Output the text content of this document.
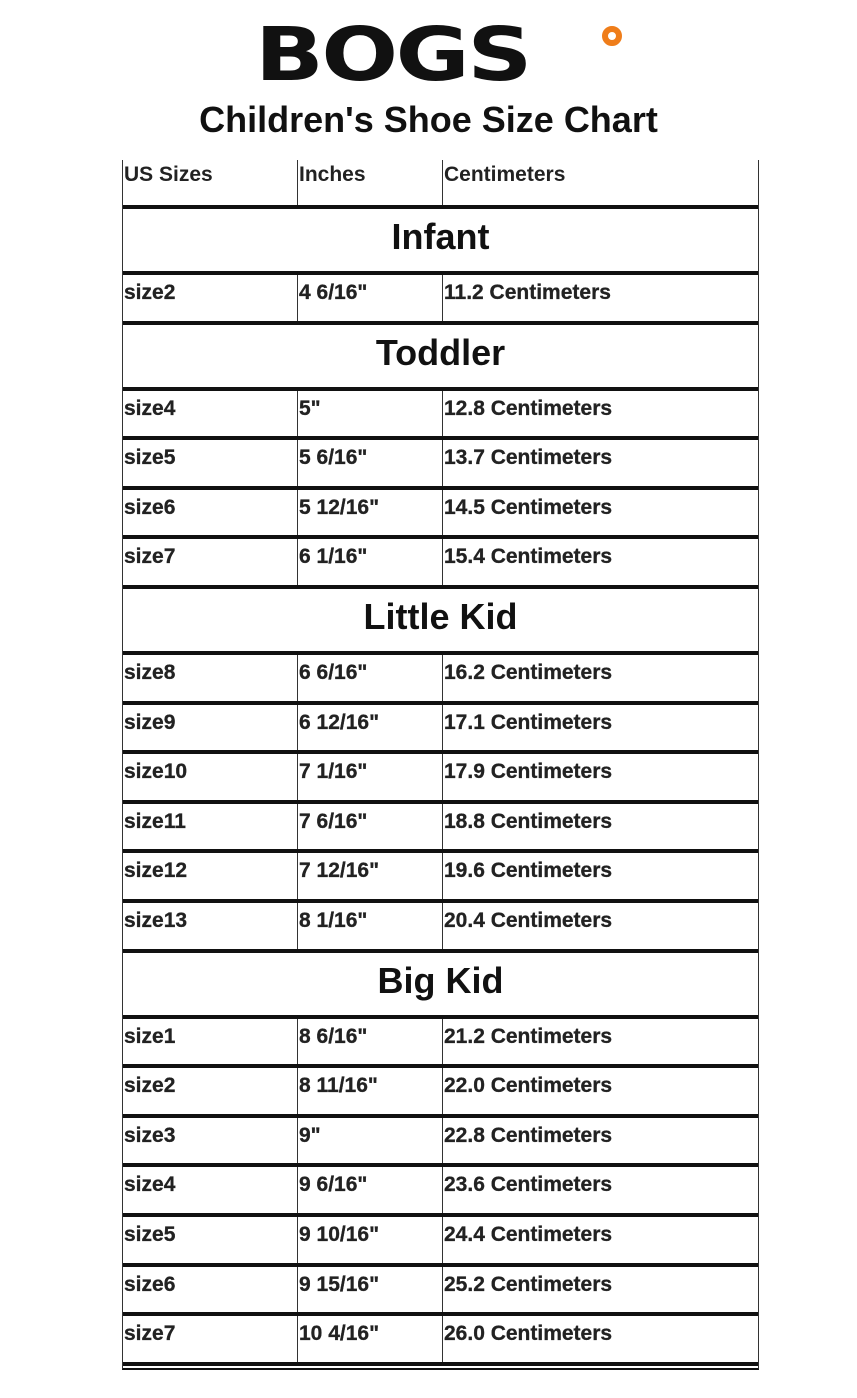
BOGS
Children's Shoe Size Chart
US Sizes	Inches	Centimeters
Infant
size2	4 6/16"	11.2 Centimeters
Toddler
size4	5"	12.8 Centimeters
size5	5 6/16"	13.7 Centimeters
size6	5 12/16"	14.5 Centimeters
size7	6 1/16"	15.4 Centimeters
Little Kid
size8	6 6/16"	16.2 Centimeters
size9	6 12/16"	17.1 Centimeters
size10	7 1/16"	17.9 Centimeters
size11	7 6/16"	18.8 Centimeters
size12	7 12/16"	19.6 Centimeters
size13	8 1/16"	20.4 Centimeters
Big Kid
size1	8 6/16"	21.2 Centimeters
size2	8 11/16"	22.0 Centimeters
size3	9"	22.8 Centimeters
size4	9 6/16"	23.6 Centimeters
size5	9 10/16"	24.4 Centimeters
size6	9 15/16"	25.2 Centimeters
size7	10 4/16"	26.0 Centimeters
